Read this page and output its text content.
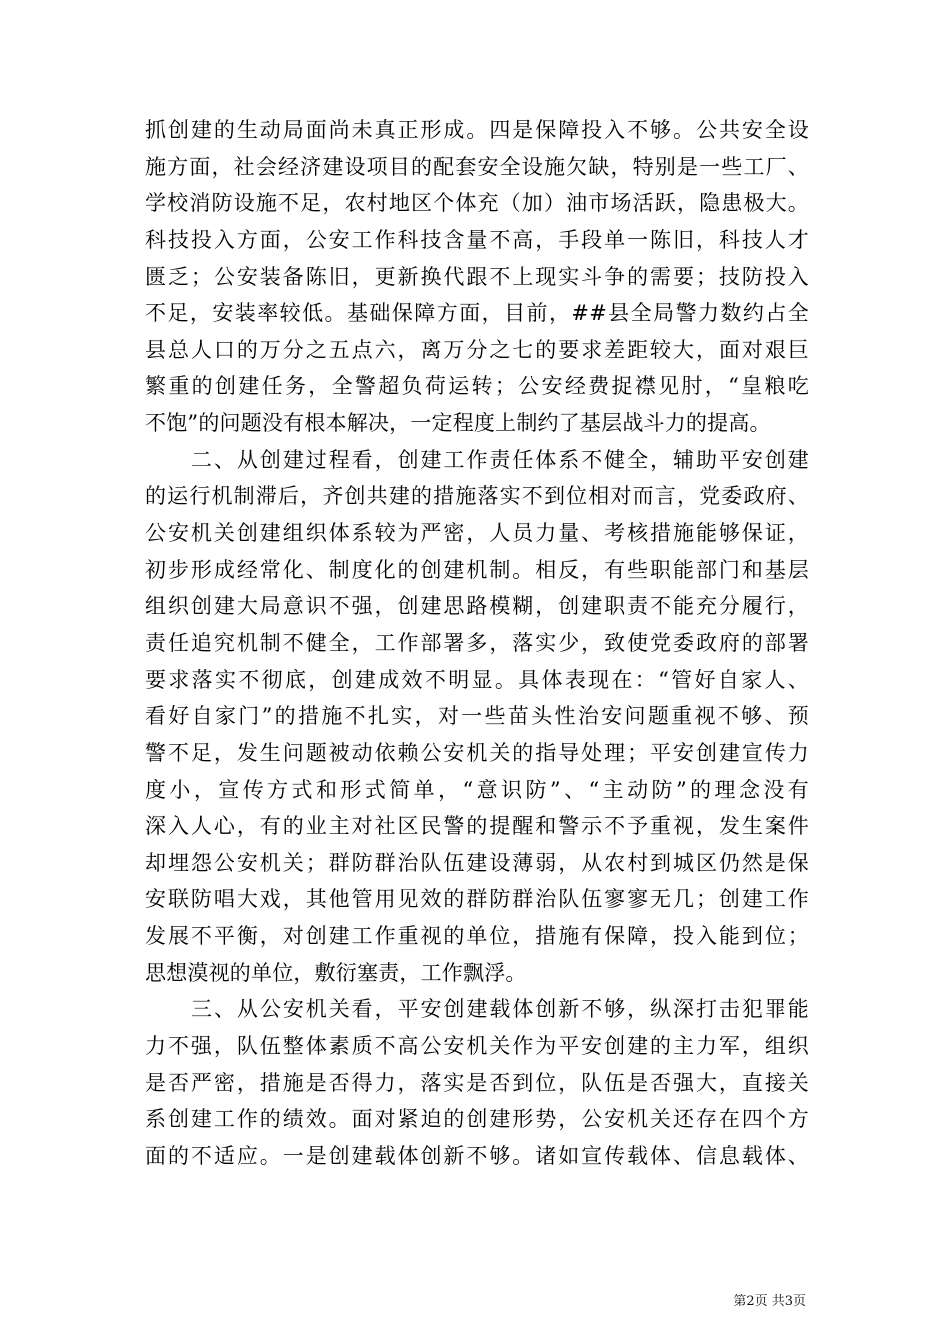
抓创建的生动局面尚未真正形成。四是保障投入不够。公共安全设
施方面，社会经济建设项目的配套安全设施欠缺，特别是一些工厂、
学校消防设施不足，农村地区个体充（加）油市场活跃，隐患极大。
科技投入方面，公安工作科技含量不高，手段单一陈旧，科技人才
匮乏；公安装备陈旧，更新换代跟不上现实斗争的需要；技防投入
不足，安装率较低。基础保障方面，目前，##县全局警力数约占全
县总人口的万分之五点六，离万分之七的要求差距较大，面对艰巨
繁重的创建任务，全警超负荷运转；公安经费捉襟见肘，“皇粮吃
不饱”的问题没有根本解决，一定程度上制约了基层战斗力的提高。
二、从创建过程看，创建工作责任体系不健全，辅助平安创建
的运行机制滞后，齐创共建的措施落实不到位相对而言，党委政府、
公安机关创建组织体系较为严密，人员力量、考核措施能够保证，
初步形成经常化、制度化的创建机制。相反，有些职能部门和基层
组织创建大局意识不强，创建思路模糊，创建职责不能充分履行，
责任追究机制不健全，工作部署多，落实少，致使党委政府的部署
要求落实不彻底，创建成效不明显。具体表现在：“管好自家人、
看好自家门”的措施不扎实，对一些苗头性治安问题重视不够、预
警不足，发生问题被动依赖公安机关的指导处理；平安创建宣传力
度小，宣传方式和形式简单，“意识防”、“主动防”的理念没有
深入人心，有的业主对社区民警的提醒和警示不予重视，发生案件
却埋怨公安机关；群防群治队伍建设薄弱，从农村到城区仍然是保
安联防唱大戏，其他管用见效的群防群治队伍寥寥无几；创建工作
发展不平衡，对创建工作重视的单位，措施有保障，投入能到位；
思想漠视的单位，敷衍塞责，工作飘浮。
三、从公安机关看，平安创建载体创新不够，纵深打击犯罪能
力不强，队伍整体素质不高公安机关作为平安创建的主力军，组织
是否严密，措施是否得力，落实是否到位，队伍是否强大，直接关
系创建工作的绩效。面对紧迫的创建形势，公安机关还存在四个方
面的不适应。一是创建载体创新不够。诸如宣传载体、信息载体、
第2页 共3页
